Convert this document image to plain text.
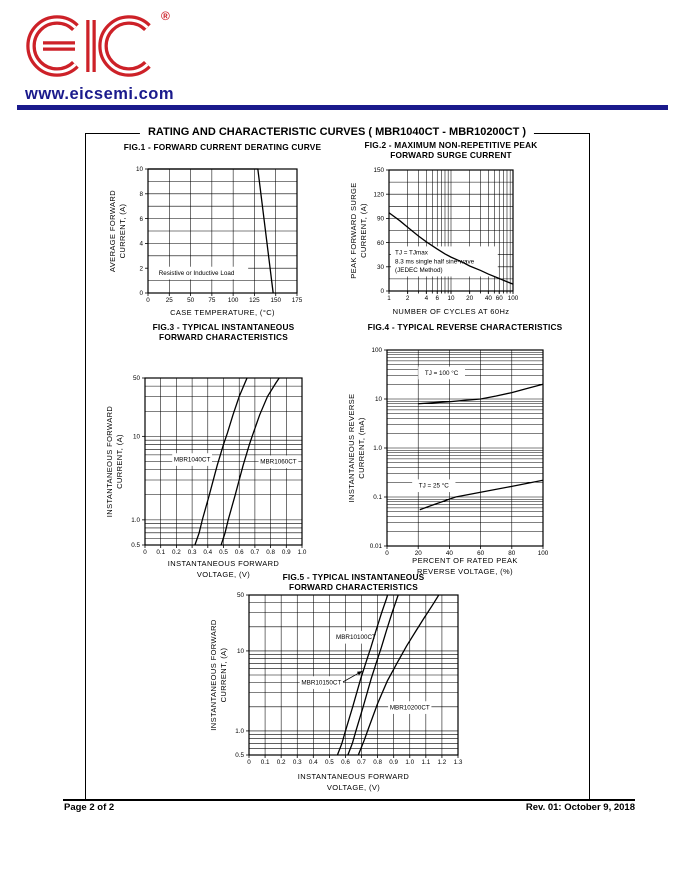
®
www.eicsemi.com
RATING AND CHARACTERISTIC CURVES ( MBR1040CT - MBR10200CT )
Resistive or Inductive Load
0	25 50 75 100 125 150 175
0
2
4
6
8
10
FIG.1 - FORWARD CURRENT DERATING CURVE
CASE TEMPERATURE, (°C)
AVERAGE FORWARD CURRENT, (A)	TJ = TJmax
8.3 ms single half sine-wave
(JEDEC Method)
1 2 4 6 10 20 40 60 100
0
30
60
90
120
150
FIG.2 - MAXIMUM NON-REPETITIVE PEAK
FORWARD SURGE CURRENT
NUMBER OF CYCLES AT 60Hz
PEAK FORWARD SURGE CURRENT, (A)
MBR1040CT	MBR1060CT
0 0.1 0.2 0.3 0.4 0.5 0.6 0.7 0.8 0.9 1.0
0.5
1.0
10
50
FIG.3 - TYPICAL INSTANTANEOUS
FORWARD CHARACTERISTICS
INSTANTANEOUS FORWARD
VOLTAGE, (V)
INSTANTANEOUS FORWARD CURRENT, (A)
TJ = 100 °C
TJ = 25 °C
0	20	40	60	80	100
0.01
0.1
1.0
10
100
FIG.4 - TYPICAL REVERSE CHARACTERISTICS
PERCENT OF RATED PEAK
REVERSE VOLTAGE, (%)
INSTANTANEOUS REVERSE CURRENT, (mA)
MBR10100CT
MBR10150CT
MBR10200CT
0 0.1 0.2 0.3 0.4 0.5 0.6 0.7 0.8 0.9 1.0 1.1 1.2 1.3
0.5
1.0
10
50
FIG.5 - TYPICAL INSTANTANEOUS
FORWARD CHARACTERISTICS
INSTANTANEOUS FORWARD
VOLTAGE, (V)
INSTANTANEOUS FORWARD CURRENT, (A)
Page 2 of 2	Rev. 01: October 9, 2018
